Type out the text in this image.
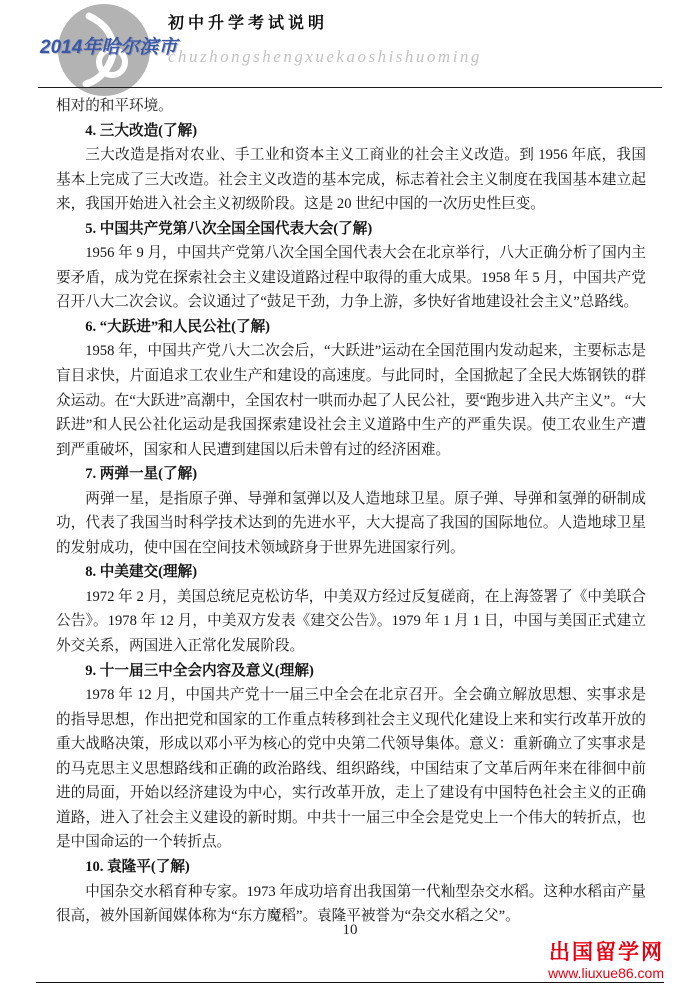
初中升学考试说明
2014年哈尔滨市
chuzhongshengxuekaoshishuoming

相对的和平环境。

4. 三大改造(了解)

三大改造是指对农业、手工业和资本主义工商业的社会主义改造。到 1956 年底，我国基本上完成了三大改造。社会主义改造的基本完成，标志着社会主义制度在我国基本建立起来，我国开始进入社会主义初级阶段。这是 20 世纪中国的一次历史性巨变。

5. 中国共产党第八次全国全国代表大会(了解)

1956 年 9 月，中国共产党第八次全国全国代表大会在北京举行，八大正确分析了国内主要矛盾，成为党在探索社会主义建设道路过程中取得的重大成果。1958 年 5 月，中国共产党召开八大二次会议。会议通过了“鼓足干劲，力争上游，多快好省地建设社会主义”总路线。

6. “大跃进”和人民公社(了解)

1958 年，中国共产党八大二次会后，“大跃进”运动在全国范围内发动起来，主要标志是盲目求快，片面追求工农业生产和建设的高速度。与此同时，全国掀起了全民大炼钢铁的群众运动。在“大跃进”高潮中，全国农村一哄而办起了人民公社，要“跑步进入共产主义”。“大跃进”和人民公社化运动是我国探索建设社会主义道路中生产的严重失误。使工农业生产遭到严重破坏，国家和人民遭到建国以后未曾有过的经济困难。

7. 两弹一星(了解)

两弹一星，是指原子弹、导弹和氢弹以及人造地球卫星。原子弹、导弹和氢弹的研制成功，代表了我国当时科学技术达到的先进水平，大大提高了我国的国际地位。人造地球卫星的发射成功，使中国在空间技术领域跻身于世界先进国家行列。

8. 中美建交(理解)

1972 年 2 月，美国总统尼克松访华，中美双方经过反复磋商，在上海签署了《中美联合公告》。1978 年 12 月，中美双方发表《建交公告》。1979 年 1 月 1 日，中国与美国正式建立外交关系，两国进入正常化发展阶段。

9. 十一届三中全会内容及意义(理解)

1978 年 12 月，中国共产党十一届三中全会在北京召开。全会确立解放思想、实事求是的指导思想，作出把党和国家的工作重点转移到社会主义现代化建设上来和实行改革开放的重大战略决策，形成以邓小平为核心的党中央第二代领导集体。意义：重新确立了实事求是的马克思主义思想路线和正确的政治路线、组织路线，中国结束了文革后两年来在徘徊中前进的局面，开始以经济建设为中心，实行改革开放，走上了建设有中国特色社会主义的正确道路，进入了社会主义建设的新时期。中共十一届三中全会是党史上一个伟大的转折点，也是中国命运的一个转折点。

10. 袁隆平(了解)

中国杂交水稻育种专家。1973 年成功培育出我国第一代籼型杂交水稻。这种水稻亩产量很高，被外国新闻媒体称为“东方魔稻”。袁隆平被誉为“杂交水稻之父”。

10
出国留学网
www.liuxue86.com
